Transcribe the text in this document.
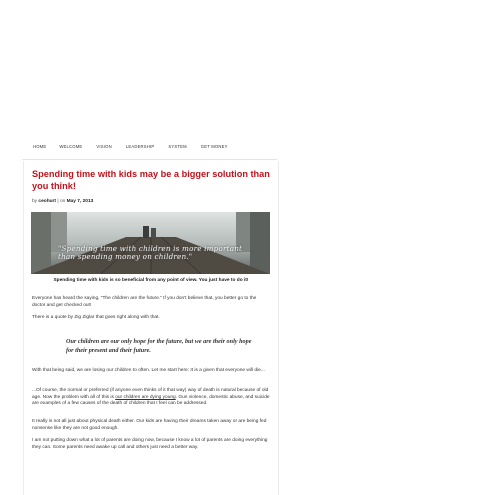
HOME	WELCOME	VISION	LEADERSHIP	SYSTEM	GET MONEY
Spending time with kids may be a bigger solution than you think!
by ceohurt | on May 7, 2013
"Spending time with children is more important than spending money on children."
Spending time with kids is so beneficial from any point of view. You just have to do it!
Everyone has heard the saying, "The children are the future." If you don't believe that, you better go to the doctor and get checked out!
There is a quote by Zig Ziglar that goes right along with that.
Our children are our only hope for the future, but we are their only hope for their present and their future.
With that being said, we are losing our children to often. Let me start here: It is a given that everyone will die...
...Of course, the normal or preferred (if anyone even thinks of it that way) way of death is natural because of old age. Now the problem with all of this is our children are dying young. Gun violence, domestic abuse, and suicide are examples of a few causes of the death of children that I feel can be addressed.
It really is not all just about physical death either. Our kids are having their dreams taken away or are being fed nonsense like they are not good enough.
I am not putting down what a lot of parents are doing now, because I know a lot of parents are doing everything they can. Some parents need awake up call and others just need a better way.
